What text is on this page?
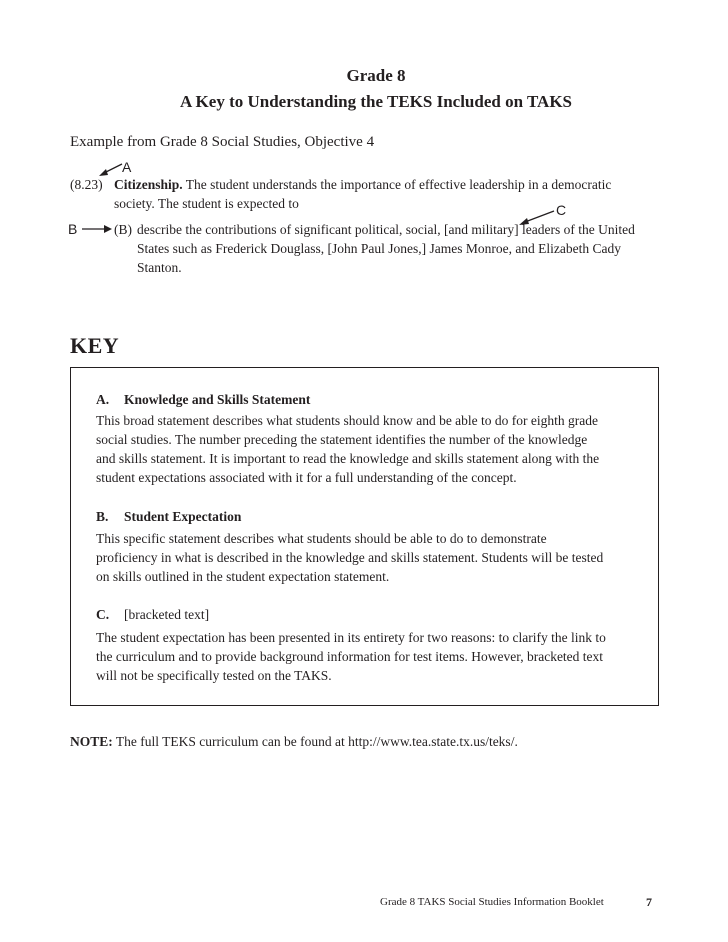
Grade 8
A Key to Understanding the TEKS Included on TAKS
Example from Grade 8 Social Studies, Objective 4
A
(8.23) Citizenship. The student understands the importance of effective leadership in a democratic
society. The student is expected to	C
B	(B) describe the contributions of significant political, social, [and military] leaders of the United
States such as Frederick Douglass, [John Paul Jones,] James Monroe, and Elizabeth Cady
Stanton.
KEY
A. Knowledge and Skills Statement
This broad statement describes what students should know and be able to do for eighth grade
social studies. The number preceding the statement identifies the number of the knowledge
and skills statement. It is important to read the knowledge and skills statement along with the
student expectations associated with it for a full understanding of the concept.
B. Student Expectation
This specific statement describes what students should be able to do to demonstrate
proficiency in what is described in the knowledge and skills statement. Students will be tested
on skills outlined in the student expectation statement.
C. [bracketed text]
The student expectation has been presented in its entirety for two reasons: to clarify the link to
the curriculum and to provide background information for test items. However, bracketed text
will not be specifically tested on the TAKS.
NOTE: The full TEKS curriculum can be found at http://www.tea.state.tx.us/teks/.
Grade 8 TAKS Social Studies Information Booklet	7
